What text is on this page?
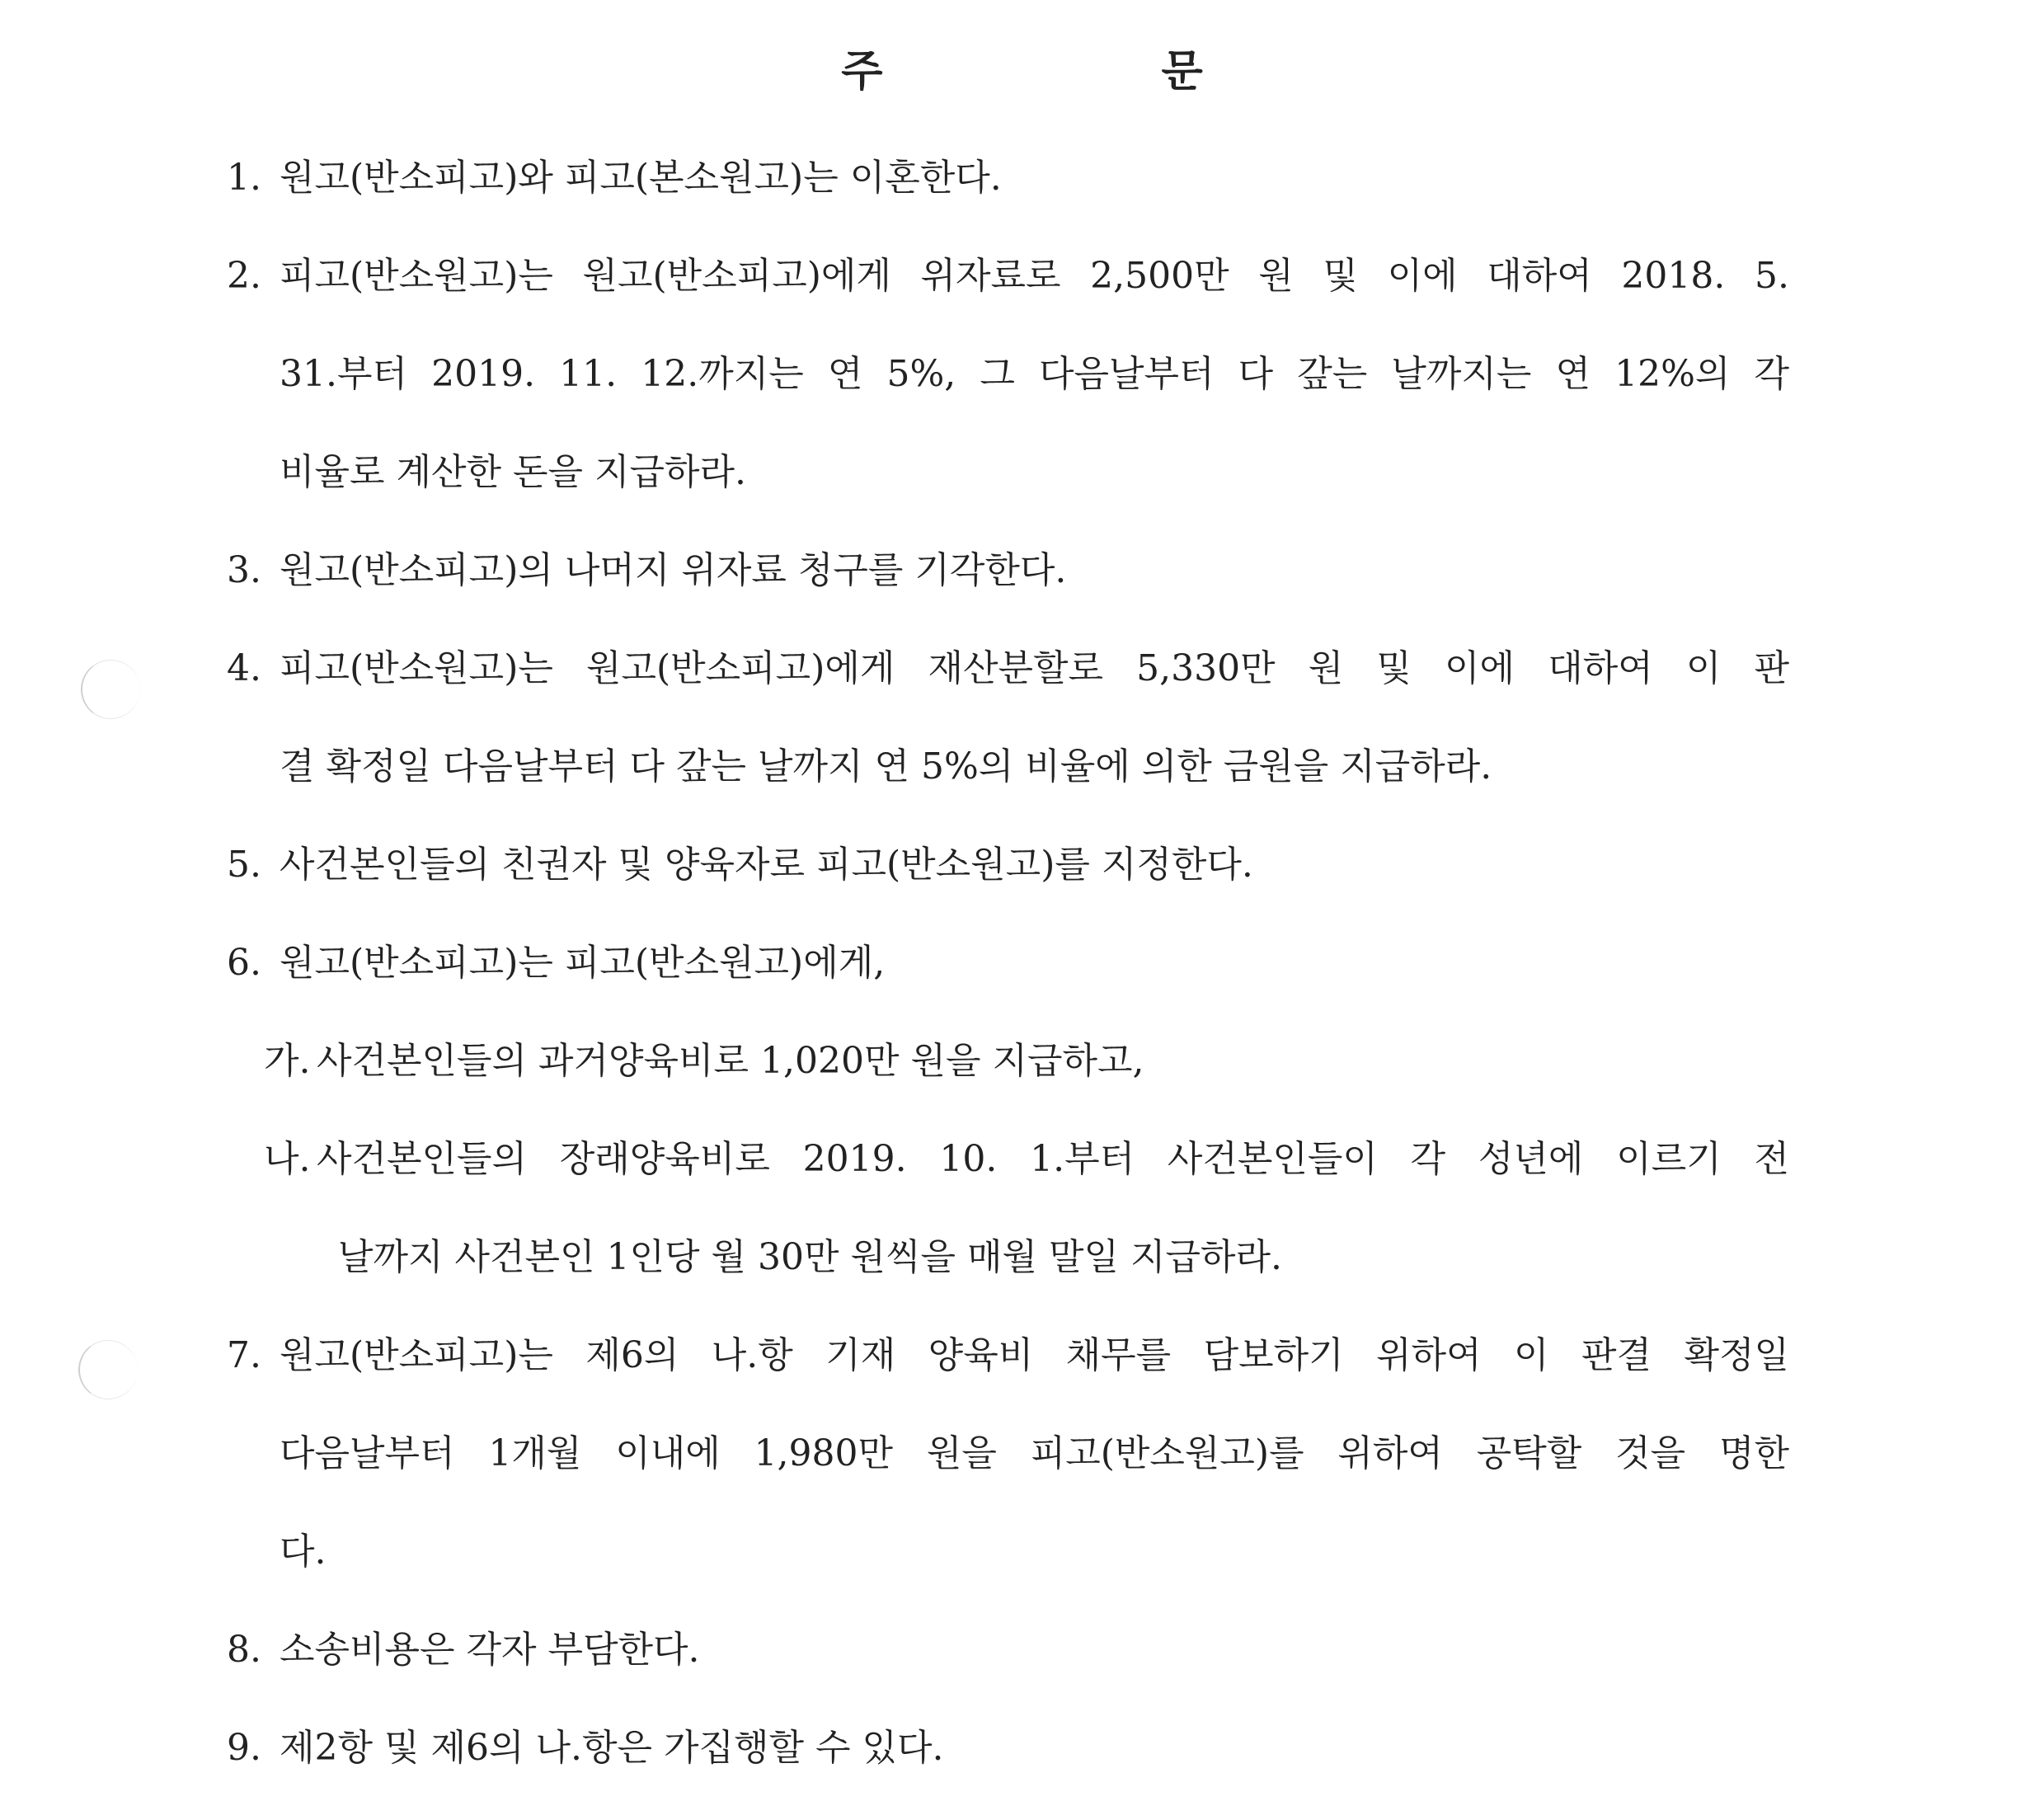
주 문
1. 원고(반소피고)와 피고(본소원고)는 이혼한다.
2. 피고(반소원고)는 원고(반소피고)에게 위자료로 2,500만 원 및 이에 대하여 2018. 5.
31.부터 2019. 11. 12.까지는 연 5%, 그 다음날부터 다 갚는 날까지는 연 12%의 각
비율로 계산한 돈을 지급하라.
3. 원고(반소피고)의 나머지 위자료 청구를 기각한다.
4. 피고(반소원고)는 원고(반소피고)에게 재산분할로 5,330만 원 및 이에 대하여 이 판
결 확정일 다음날부터 다 갚는 날까지 연 5%의 비율에 의한 금원을 지급하라.
5. 사건본인들의 친권자 및 양육자로 피고(반소원고)를 지정한다.
6. 원고(반소피고)는 피고(반소원고)에게,
가. 사건본인들의 과거양육비로 1,020만 원을 지급하고,
나. 사건본인들의 장래양육비로 2019. 10. 1.부터 사건본인들이 각 성년에 이르기 전
날까지 사건본인 1인당 월 30만 원씩을 매월 말일 지급하라.
7. 원고(반소피고)는 제6의 나.항 기재 양육비 채무를 담보하기 위하여 이 판결 확정일
다음날부터 1개월 이내에 1,980만 원을 피고(반소원고)를 위하여 공탁할 것을 명한
다.
8. 소송비용은 각자 부담한다.
9. 제2항 및 제6의 나.항은 가집행할 수 있다.
